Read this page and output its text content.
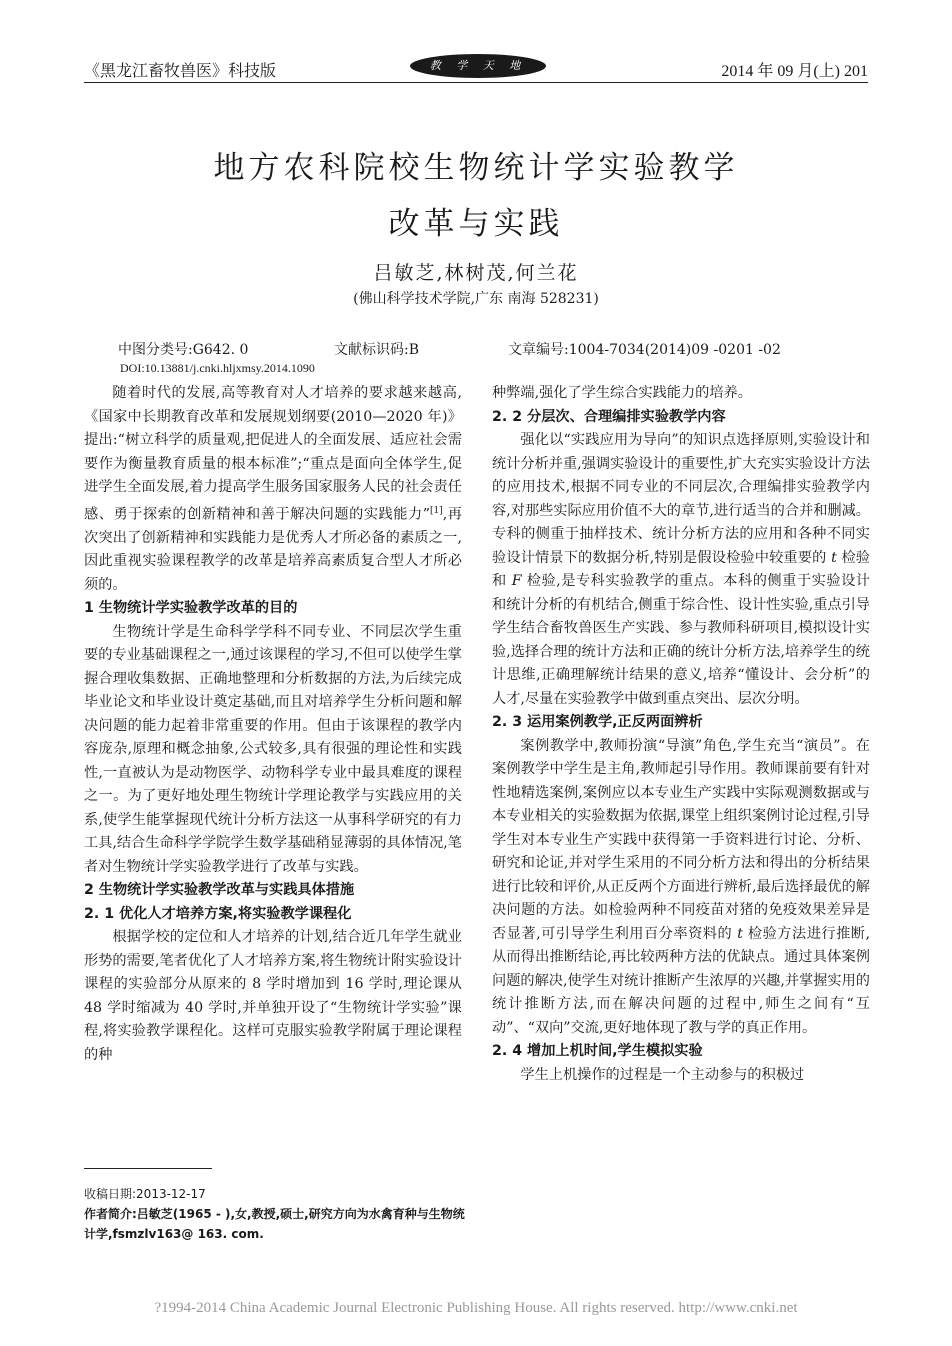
《黑龙江畜牧兽医》科技版	教 学 天 地	2014 年 09 月(上) 201
地方农科院校生物统计学实验教学
改革与实践
吕敏芝,林树茂,何兰花
(佛山科学技术学院,广东 南海 528231)
中图分类号:G642. 0	文献标识码:B	文章编号:1004-7034(2014)09 -0201 -02
DOI:10.13881/j.cnki.hljxmsy.2014.1090

随着时代的发展,高等教育对人才培养的要求越来越高,《国家中长期教育改革和发展规划纲要(2010—2020 年)》提出:“树立科学的质量观,把促进人的全面发展、适应社会需要作为衡量教育质量的根本标准”;“重点是面向全体学生,促进学生全面发展,着力提高学生服务国家服务人民的社会责任感、勇于探索的创新精神和善于解决问题的实践能力”[1],再次突出了创新精神和实践能力是优秀人才所必备的素质之一,因此重视实验课程教学的改革是培养高素质复合型人才所必须的。

1 生物统计学实验教学改革的目的

生物统计学是生命科学学科不同专业、不同层次学生重要的专业基础课程之一,通过该课程的学习,不但可以使学生掌握合理收集数据、正确地整理和分析数据的方法,为后续完成毕业论文和毕业设计奠定基础,而且对培养学生分析问题和解决问题的能力起着非常重要的作用。但由于该课程的教学内容庞杂,原理和概念抽象,公式较多,具有很强的理论性和实践性,一直被认为是动物医学、动物科学专业中最具难度的课程之一。为了更好地处理生物统计学理论教学与实践应用的关系,使学生能掌握现代统计分析方法这一从事科学研究的有力工具,结合生命科学学院学生数学基础稍显薄弱的具体情况,笔者对生物统计学实验教学进行了改革与实践。

2 生物统计学实验教学改革与实践具体措施
2. 1 优化人才培养方案,将实验教学课程化

根据学校的定位和人才培养的计划,结合近几年学生就业形势的需要,笔者优化了人才培养方案,将生物统计附实验设计课程的实验部分从原来的 8 学时增加到 16 学时,理论课从 48 学时缩减为 40 学时,并单独开设了“生物统计学实验”课程,将实验教学课程化。这样可克服实验教学附属于理论课程的种

收稿日期:2013-12-17
作者简介:吕敏芝(1965 - ),女,教授,硕士,研究方向为水禽育种与生物统计学,fsmzlv163@ 163. com.

种弊端,强化了学生综合实践能力的培养。

2. 2 分层次、合理编排实验教学内容

强化以“实践应用为导向”的知识点选择原则,实验设计和统计分析并重,强调实验设计的重要性,扩大充实实验设计方法的应用技术,根据不同专业的不同层次,合理编排实验教学内容,对那些实际应用价值不大的章节,进行适当的合并和删减。专科的侧重于抽样技术、统计分析方法的应用和各种不同实验设计情景下的数据分析,特别是假设检验中较重要的 t 检验和 F 检验,是专科实验教学的重点。本科的侧重于实验设计和统计分析的有机结合,侧重于综合性、设计性实验,重点引导学生结合畜牧兽医生产实践、参与教师科研项目,模拟设计实验,选择合理的统计方法和正确的统计分析方法,培养学生的统计思维,正确理解统计结果的意义,培养“懂设计、会分析”的人才,尽量在实验教学中做到重点突出、层次分明。

2. 3 运用案例教学,正反两面辨析

案例教学中,教师扮演“导演”角色,学生充当“演员”。在案例教学中学生是主角,教师起引导作用。教师课前要有针对性地精选案例,案例应以本专业生产实践中实际观测数据或与本专业相关的实验数据为依据,课堂上组织案例讨论过程,引导学生对本专业生产实践中获得第一手资料进行讨论、分析、研究和论证,并对学生采用的不同分析方法和得出的分析结果进行比较和评价,从正反两个方面进行辨析,最后选择最优的解决问题的方法。如检验两种不同疫苗对猪的免疫效果差异是否显著,可引导学生利用百分率资料的 t 检验方法进行推断,从而得出推断结论,再比较两种方法的优缺点。通过具体案例问题的解决,使学生对统计推断产生浓厚的兴趣,并掌握实用的统计推断方法,而在解决问题的过程中,师生之间有“互动”、“双向”交流,更好地体现了教与学的真正作用。

2. 4 增加上机时间,学生模拟实验

学生上机操作的过程是一个主动参与的积极过

?1994-2014 China Academic Journal Electronic Publishing House. All rights reserved. http://www.cnki.net
